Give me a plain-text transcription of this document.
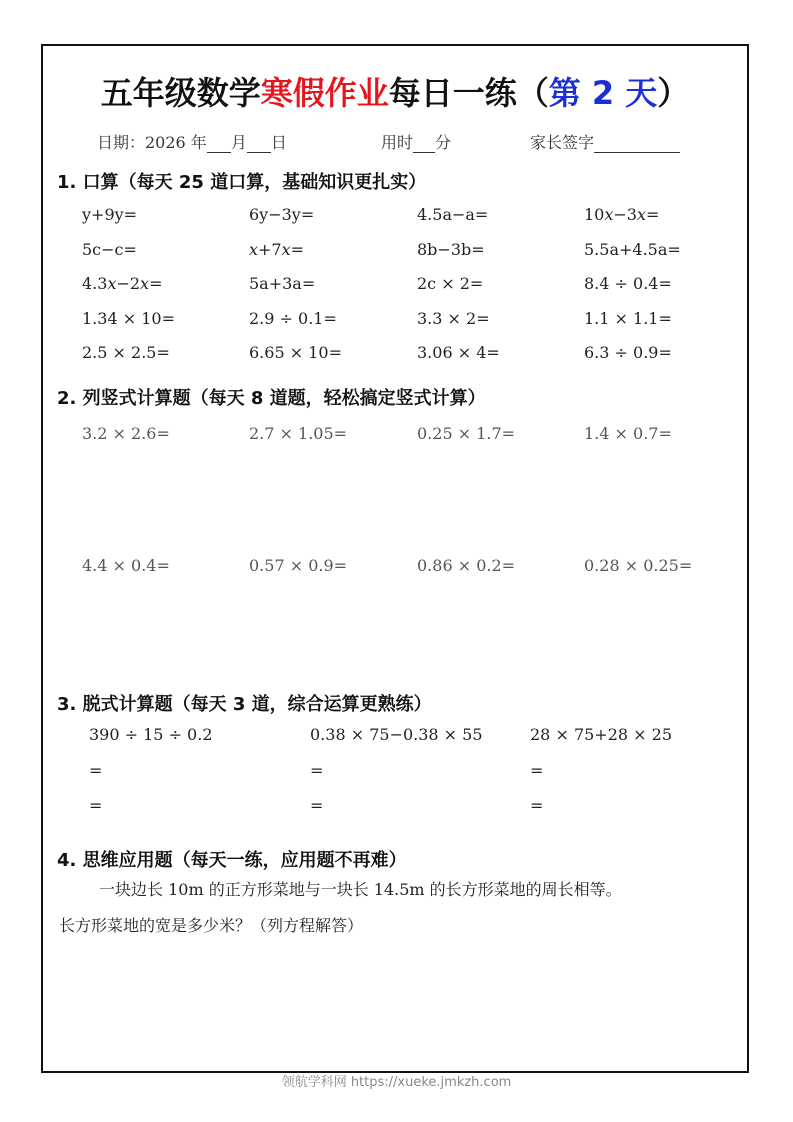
五年级数学寒假作业每日一练（第 2 天）
日期：2026 年 月 日	用时 分	家长签字
1. 口算（每天 25 道口算，基础知识更扎实）
y+9y=	6y−3y=	4.5a−a=	10𝑥−3𝑥=
5c−c=	𝑥+7𝑥=	8b−3b=	5.5a+4.5a=
4.3𝑥−2𝑥=	5a+3a=	2c × 2=	8.4 ÷ 0.4=
1.34 × 10=	2.9 ÷ 0.1=	3.3 × 2=	1.1 × 1.1=
2.5 × 2.5=	6.65 × 10=	3.06 × 4=	6.3 ÷ 0.9=
2. 列竖式计算题（每天 8 道题，轻松搞定竖式计算）
3.2 × 2.6=	2.7 × 1.05=	0.25 × 1.7=	1.4 × 0.7=
4.4 × 0.4=	0.57 × 0.9=	0.86 × 0.2=	0.28 × 0.25=
3. 脱式计算题（每天 3 道，综合运算更熟练）
390 ÷ 15 ÷ 0.2	0.38 × 75−0.38 × 55	28 × 75+28 × 25
=	=	=
=	=	=
4. 思维应用题（每天一练，应用题不再难）
一块边长 10m 的正方形菜地与一块长 14.5m 的长方形菜地的周长相等。
长方形菜地的宽是多少米？（列方程解答）
领航学科网 https://xueke.jmkzh.com
